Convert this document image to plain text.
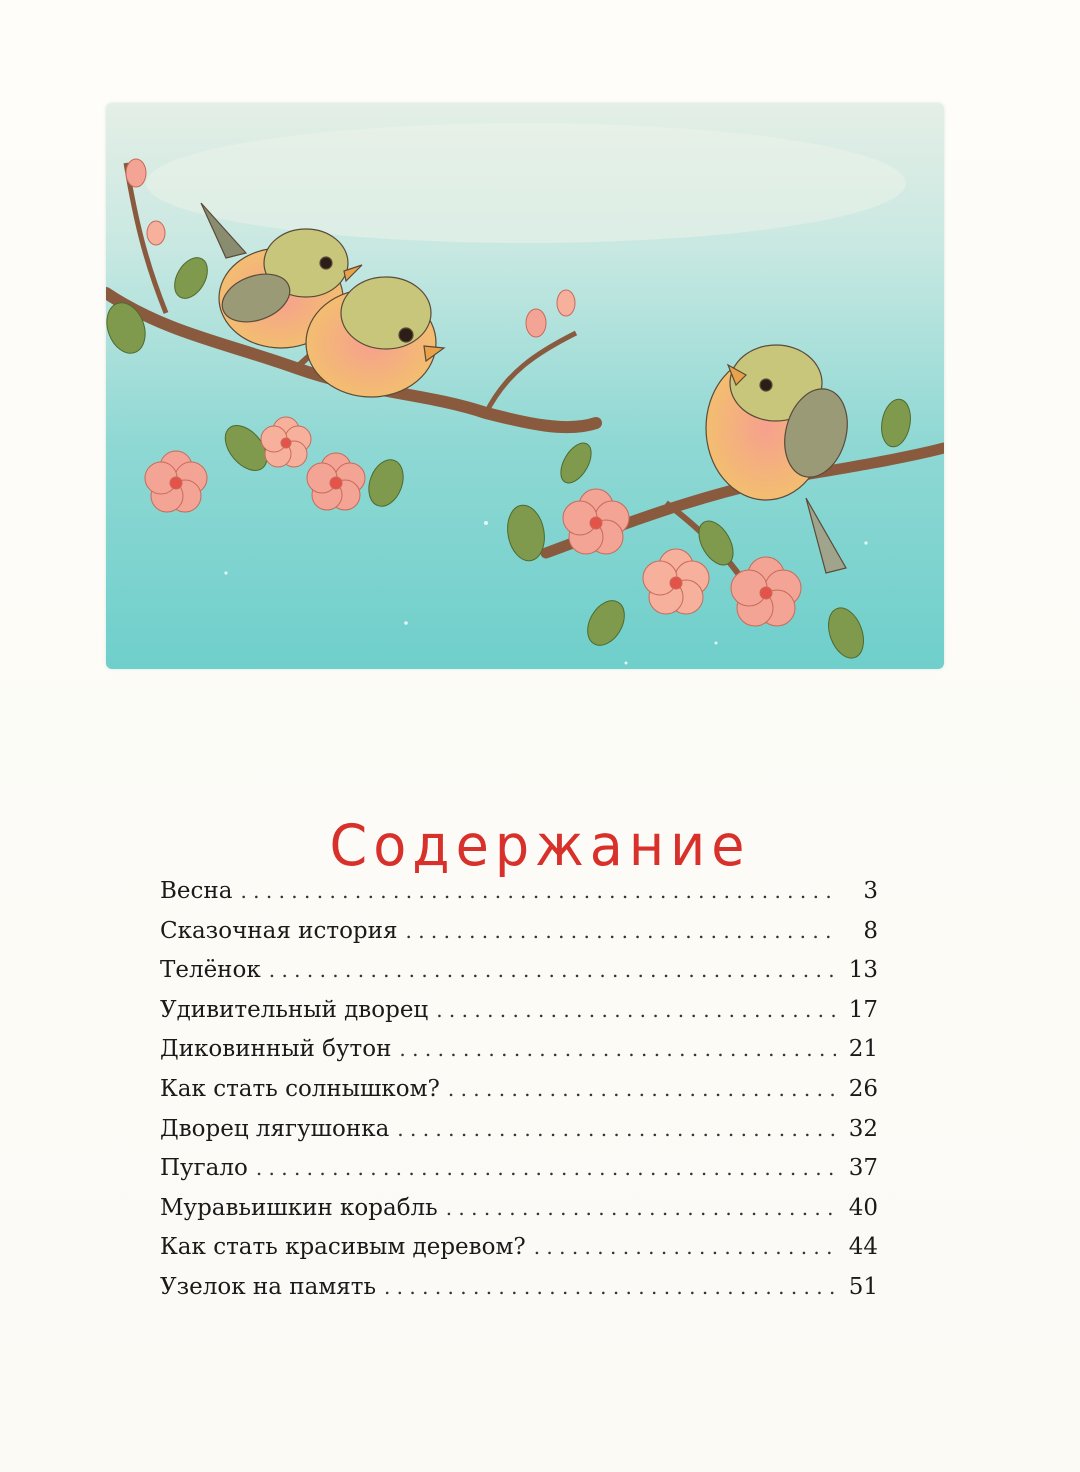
Содержание
Весна . . .	3
Сказочная история . . .	8
Телёнок . . .	13
Удивительный дворец . . .	17
Диковинный бутон . . .	21
Как стать солнышком? . . .	26
Дворец лягушонка . . .	32
Пугало . . .	37
Муравьишкин корабль . . .	40
Как стать красивым деревом? . . .	44
Узелок на память . . .	51
